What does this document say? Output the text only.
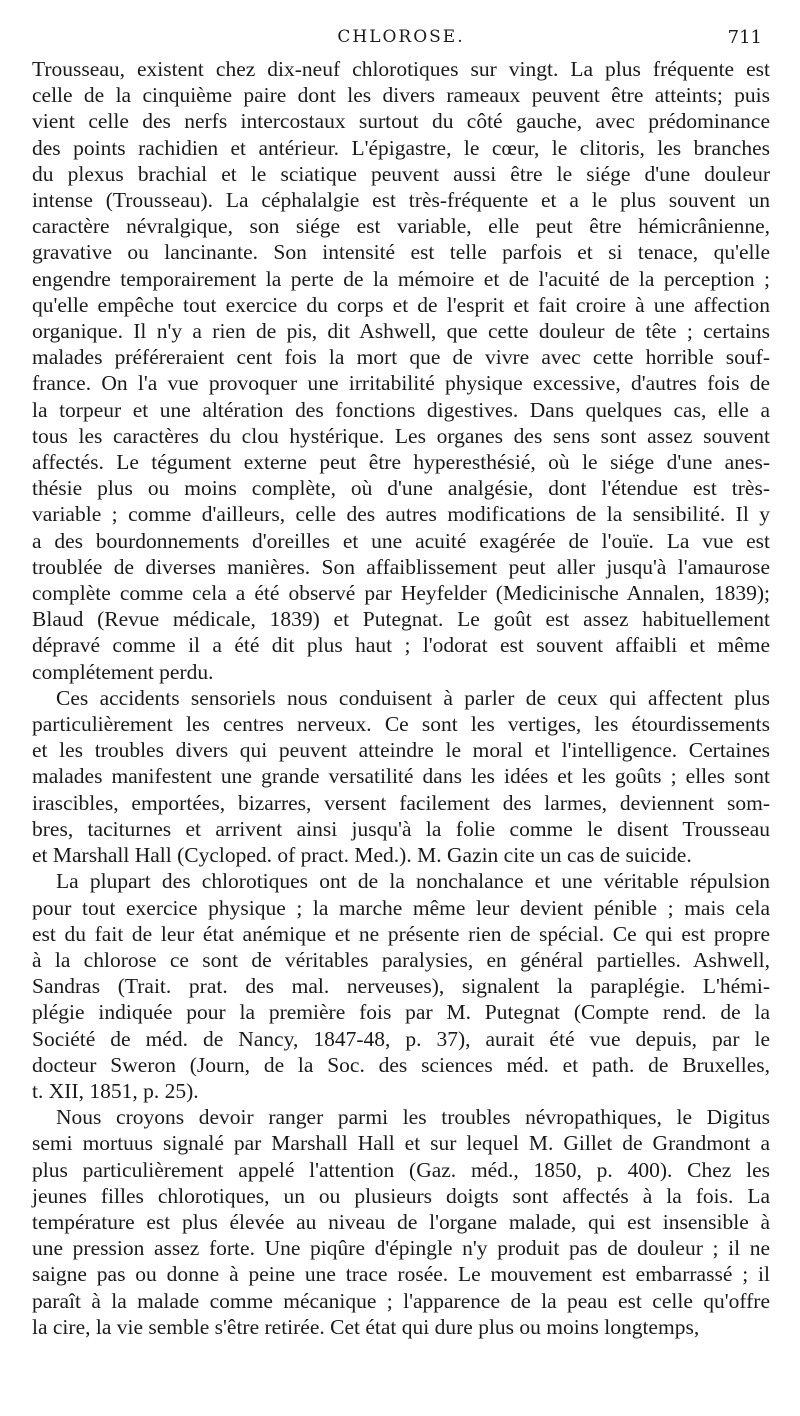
CHLOROSE.	711

Trousseau, existent chez dix-neuf chlorotiques sur vingt. La plus fréquente est
celle de la cinquième paire dont les divers rameaux peuvent être atteints; puis
vient celle des nerfs intercostaux surtout du côté gauche, avec prédominance
des points rachidien et antérieur. L'épigastre, le cœur, le clitoris, les branches
du plexus brachial et le sciatique peuvent aussi être le siége d'une douleur
intense (Trousseau). La céphalalgie est très-fréquente et a le plus souvent un
caractère névralgique, son siége est variable, elle peut être hémicrânienne,
gravative ou lancinante. Son intensité est telle parfois et si tenace, qu'elle
engendre temporairement la perte de la mémoire et de l'acuité de la perception ;
qu'elle empêche tout exercice du corps et de l'esprit et fait croire à une affection
organique. Il n'y a rien de pis, dit Ashwell, que cette douleur de tête ; certains
malades préféreraient cent fois la mort que de vivre avec cette horrible souf-
france. On l'a vue provoquer une irritabilité physique excessive, d'autres fois de
la torpeur et une altération des fonctions digestives. Dans quelques cas, elle a
tous les caractères du clou hystérique. Les organes des sens sont assez souvent
affectés. Le tégument externe peut être hyperesthésié, où le siége d'une anes-
thésie plus ou moins complète, où d'une analgésie, dont l'étendue est très-
variable ; comme d'ailleurs, celle des autres modifications de la sensibilité. Il y
a des bourdonnements d'oreilles et une acuité exagérée de l'ouïe. La vue est
troublée de diverses manières. Son affaiblissement peut aller jusqu'à l'amaurose
complète comme cela a été observé par Heyfelder (Medicinische Annalen, 1839);
Blaud (Revue médicale, 1839) et Putegnat. Le goût est assez habituellement
dépravé comme il a été dit plus haut ; l'odorat est souvent affaibli et même
complétement perdu.

Ces accidents sensoriels nous conduisent à parler de ceux qui affectent plus
particulièrement les centres nerveux. Ce sont les vertiges, les étourdissements
et les troubles divers qui peuvent atteindre le moral et l'intelligence. Certaines
malades manifestent une grande versatilité dans les idées et les goûts ; elles sont
irascibles, emportées, bizarres, versent facilement des larmes, deviennent som-
bres, taciturnes et arrivent ainsi jusqu'à la folie comme le disent Trousseau
et Marshall Hall (Cycloped. of pract. Med.). M. Gazin cite un cas de suicide.

La plupart des chlorotiques ont de la nonchalance et une véritable répulsion
pour tout exercice physique ; la marche même leur devient pénible ; mais cela
est du fait de leur état anémique et ne présente rien de spécial. Ce qui est propre
à la chlorose ce sont de véritables paralysies, en général partielles. Ashwell,
Sandras (Trait. prat. des mal. nerveuses), signalent la paraplégie. L'hémi-
plégie indiquée pour la première fois par M. Putegnat (Compte rend. de la
Société de méd. de Nancy, 1847-48, p. 37), aurait été vue depuis, par le
docteur Sweron (Journ, de la Soc. des sciences méd. et path. de Bruxelles,
t. XII, 1851, p. 25).

Nous croyons devoir ranger parmi les troubles névropathiques, le Digitus
semi mortuus signalé par Marshall Hall et sur lequel M. Gillet de Grandmont a
plus particulièrement appelé l'attention (Gaz. méd., 1850, p. 400). Chez les
jeunes filles chlorotiques, un ou plusieurs doigts sont affectés à la fois. La
température est plus élevée au niveau de l'organe malade, qui est insensible à
une pression assez forte. Une piqûre d'épingle n'y produit pas de douleur ; il ne
saigne pas ou donne à peine une trace rosée. Le mouvement est embarrassé ; il
paraît à la malade comme mécanique ; l'apparence de la peau est celle qu'offre
la cire, la vie semble s'être retirée. Cet état qui dure plus ou moins longtemps,
